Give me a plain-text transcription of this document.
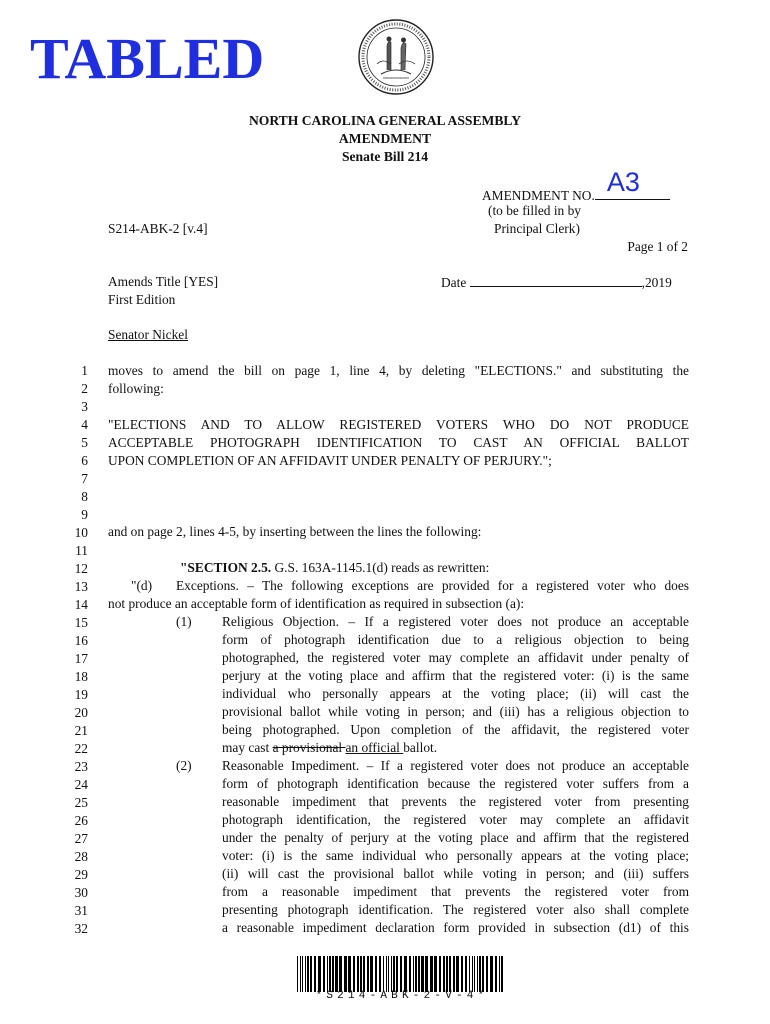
TABLED
NORTH CAROLINA GENERAL ASSEMBLY
AMENDMENT
Senate Bill 214
AMENDMENT NO. A3
(to be filled in by
Principal Clerk)
S214-ABK-2 [v.4]
Page 1 of 2
Amends Title [YES]
First Edition
Date	,2019
Senator Nickel
1
2
3
4
5
6
7
8
9
10
11
12
13
14
15
16
17
18
19
20
21
22
23
24
25
26
27
28
29
30
31
32
moves to amend the bill on page 1, line 4, by deleting "ELECTIONS." and substituting the
following:
"ELECTIONS AND TO ALLOW REGISTERED VOTERS WHO DO NOT PRODUCE
ACCEPTABLE PHOTOGRAPH IDENTIFICATION TO CAST AN OFFICIAL BALLOT
UPON COMPLETION OF AN AFFIDAVIT UNDER PENALTY OF PERJURY.";
and on page 2, lines 4-5, by inserting between the lines the following:
"SECTION 2.5. G.S. 163A-1145.1(d) reads as rewritten:
"(d)	Exceptions. – The following exceptions are provided for a registered voter who does
not produce an acceptable form of identification as required in subsection (a):
(1)	Religious Objection. – If a registered voter does not produce an acceptable
form of photograph identification due to a religious objection to being
photographed, the registered voter may complete an affidavit under penalty of
perjury at the voting place and affirm that the registered voter: (i) is the same
individual who personally appears at the voting place; (ii) will cast the
provisional ballot while voting in person; and (iii) has a religious objection to
being photographed. Upon completion of the affidavit, the registered voter
may cast a provisional an official ballot.
(2)	Reasonable Impediment. – If a registered voter does not produce an acceptable
form of photograph identification because the registered voter suffers from a
reasonable impediment that prevents the registered voter from presenting
photograph identification, the registered voter may complete an affidavit
under the penalty of perjury at the voting place and affirm that the registered
voter: (i) is the same individual who personally appears at the voting place;
(ii) will cast the provisional ballot while voting in person; and (iii) suffers
from a reasonable impediment that prevents the registered voter from
presenting photograph identification. The registered voter also shall complete
a reasonable impediment declaration form provided in subsection (d1) of this
*S214-ABK-2-V-4*
